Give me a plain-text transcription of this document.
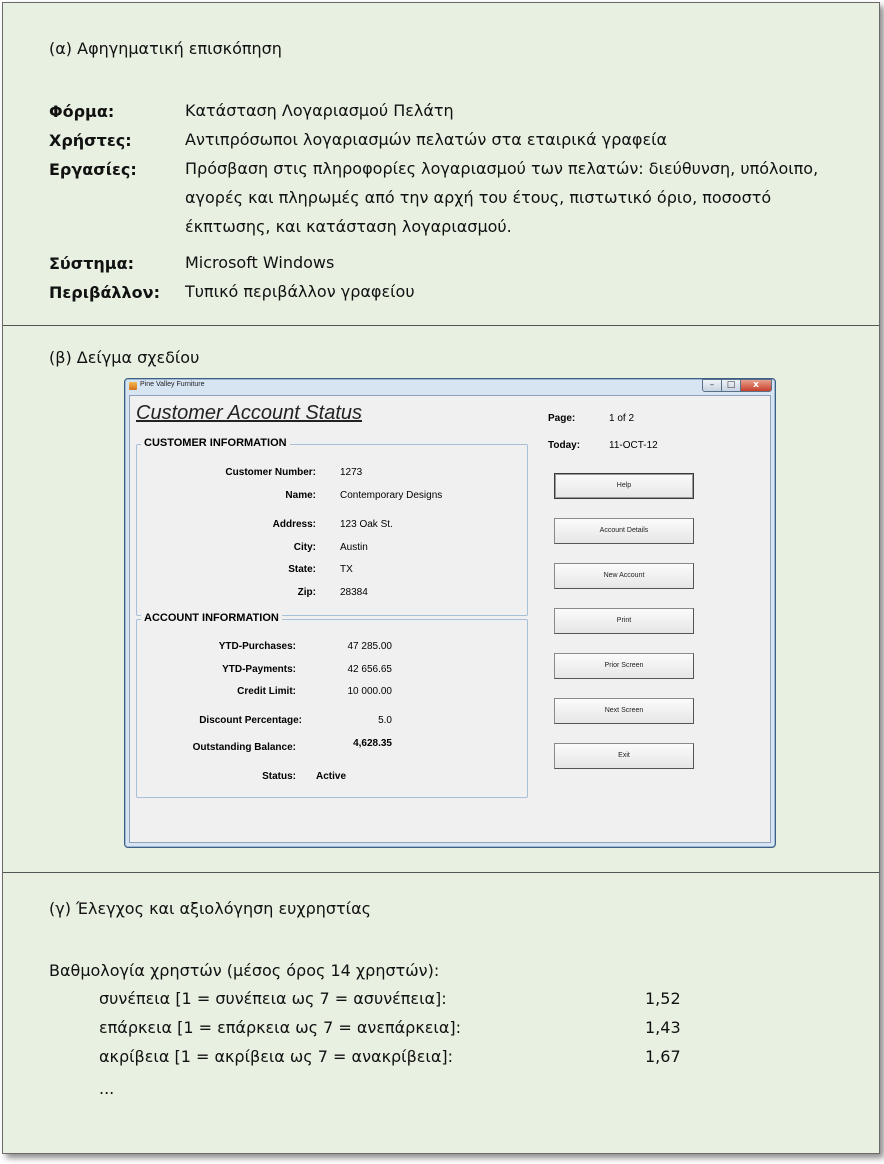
(α) Αφηγηματική επισκόπηση
Φόρμα:	Κατάσταση Λογαριασμού Πελάτη
Χρήστες:	Αντιπρόσωποι λογαριασμών πελατών στα εταιρικά γραφεία
Εργασίες:	Πρόσβαση στις πληροφορίες λογαριασμού των πελατών: διεύθυνση, υπόλοιπο, αγορές και πληρωμές από την αρχή του έτους, πιστωτικό όριο, ποσοστό έκπτωσης, και κατάσταση λογαριασμού.
Σύστημα:	Microsoft Windows
Περιβάλλον: Τυπικό περιβάλλον γραφείου
(β) Δείγμα σχεδίου
(γ) Έλεγχος και αξιολόγηση ευχρηστίας
Βαθμολογία χρηστών (μέσος όρος 14 χρηστών):
συνέπεια [1 = συνέπεια ως 7 = ασυνέπεια]:	1,52
επάρκεια [1 = επάρκεια ως 7 = ανεπάρκεια]:	1,43
ακρίβεια [1 = ακρίβεια ως 7 = ανακρίβεια]:	1,67
...
Pine Valley Furniture	–	□	x
Customer Account Status	Page:	1 of 2
Today:	11-OCT-12
CUSTOMER INFORMATION
Customer Number: 1273
Name: Contemporary Designs
Address: 123 Oak St.
City: Austin
State: TX
Zip: 28384
ACCOUNT INFORMATION
YTD-Purchases:	47 285.00
YTD-Payments:	42 656.65
Credit Limit:	10 000.00
Discount Percentage:	5.0
Outstanding Balance:	4,628.35
Status: Active
Help
Account Details
New Account
Print
Prior Screen
Next Screen
Exit
